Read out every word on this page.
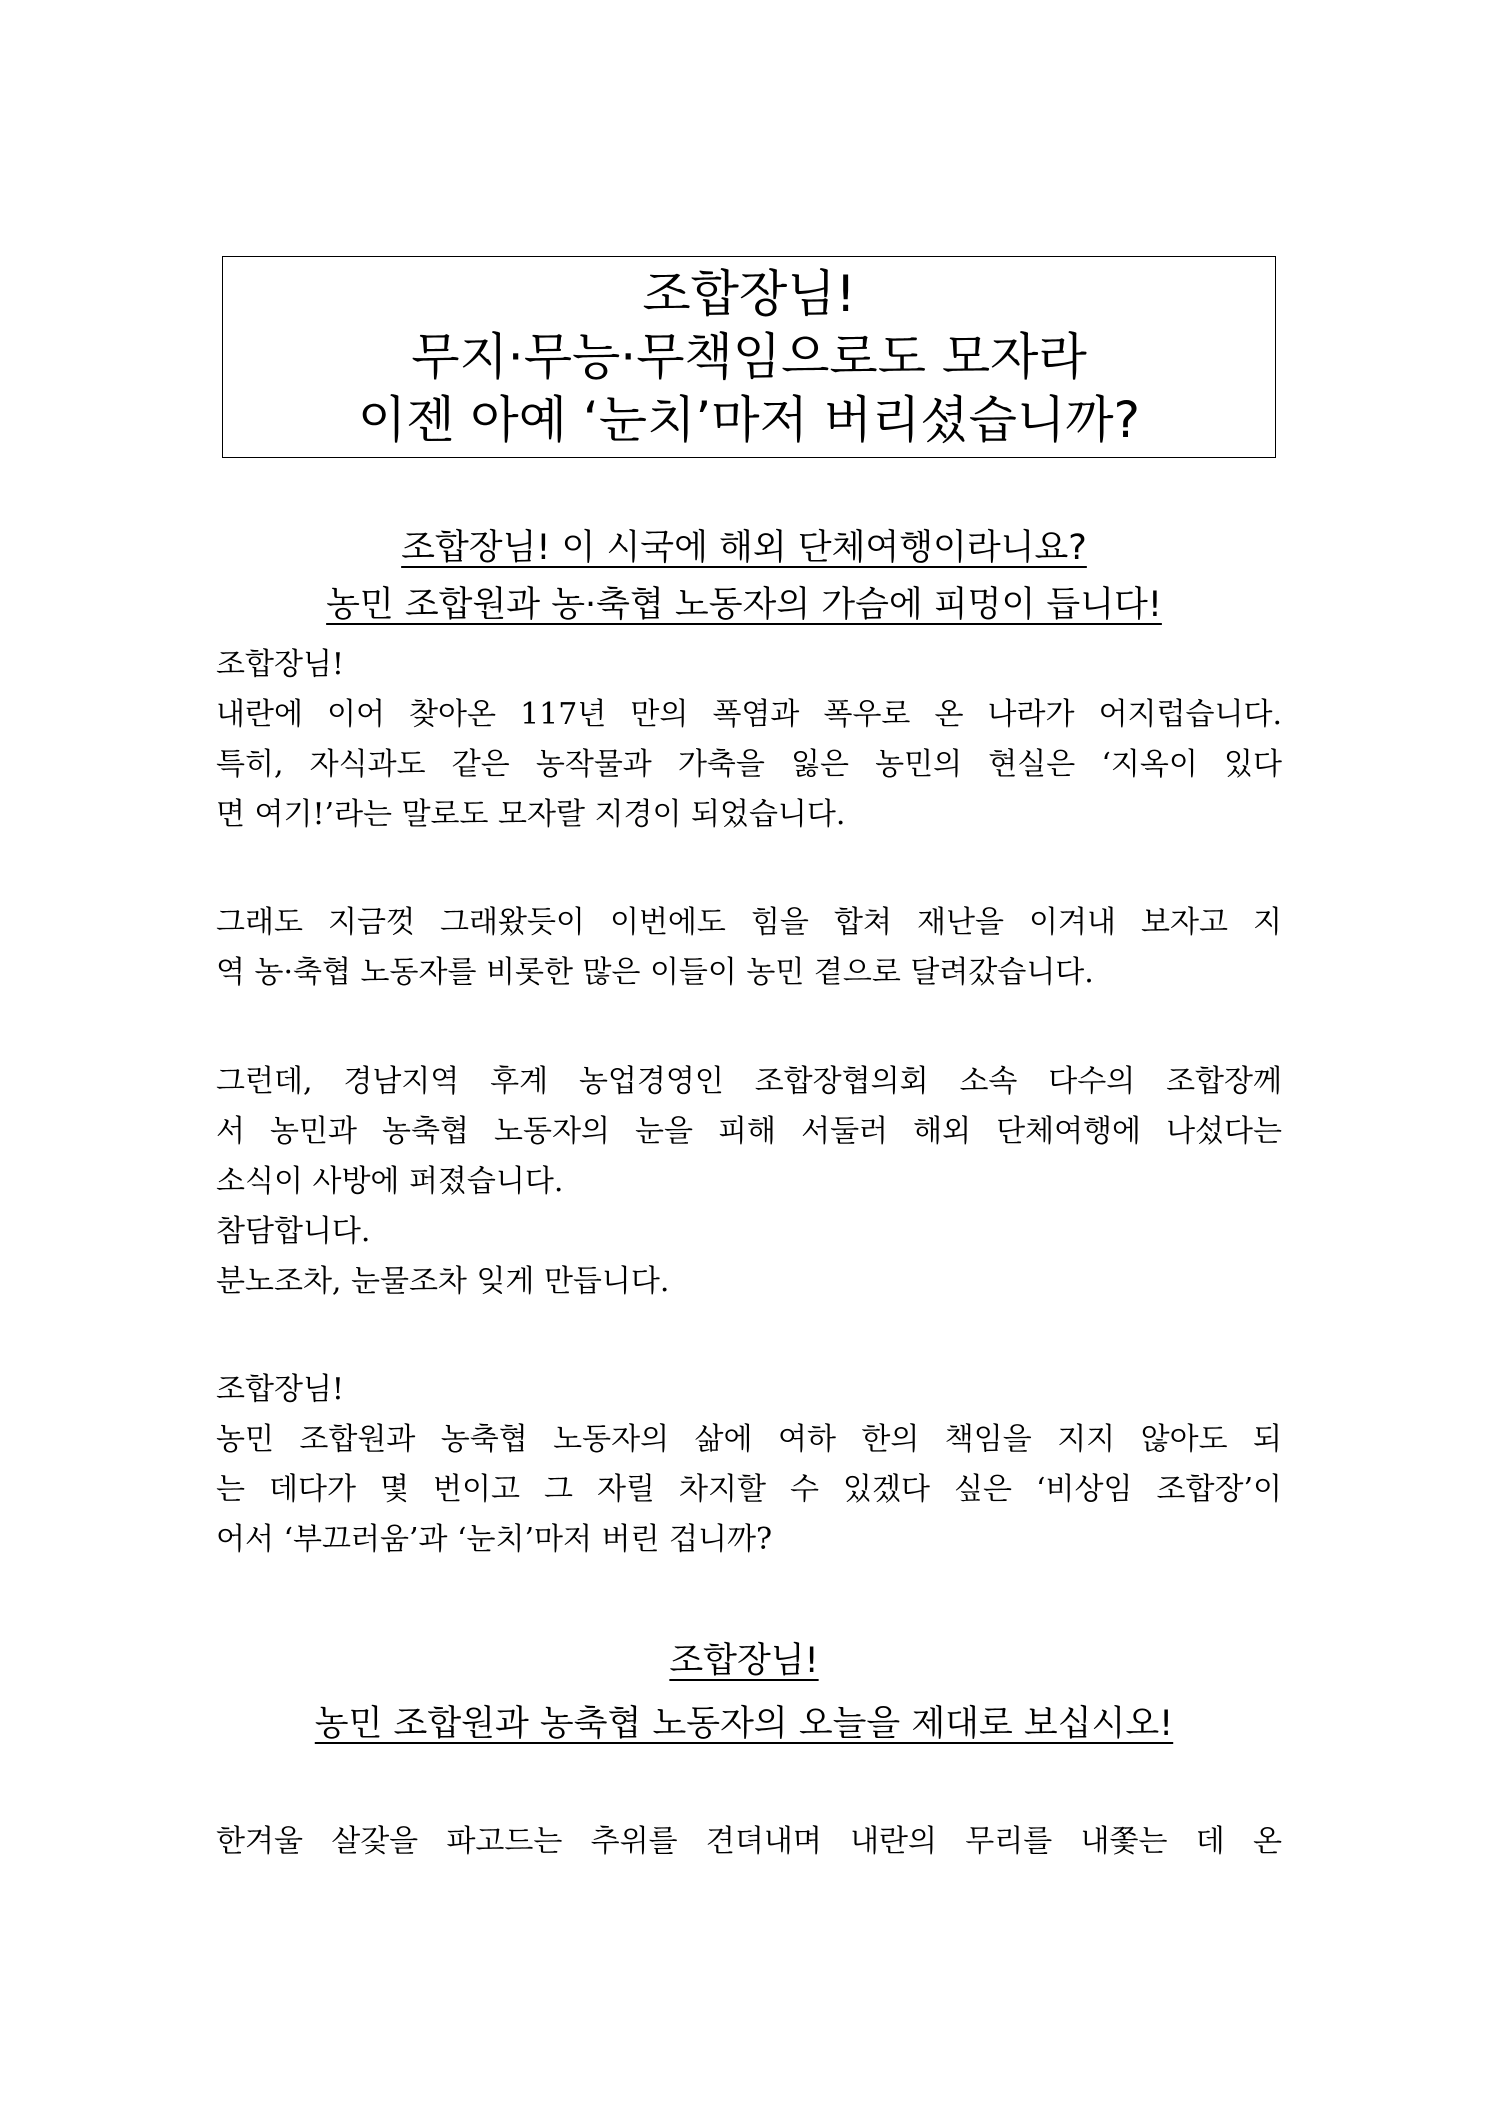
조합장님!
무지·무능·무책임으로도 모자라
이젠 아예 ‘눈치’마저 버리셨습니까?
조합장님! 이 시국에 해외 단체여행이라니요?
농민 조합원과 농·축협 노동자의 가슴에 피멍이 듭니다!
조합장님!
내란에 이어 찾아온 117년 만의 폭염과 폭우로 온 나라가 어지럽습니다.
특히, 자식과도 같은 농작물과 가축을 잃은 농민의 현실은 ‘지옥이 있다
면 여기!’라는 말로도 모자랄 지경이 되었습니다.
그래도 지금껏 그래왔듯이 이번에도 힘을 합쳐 재난을 이겨내 보자고 지
역 농·축협 노동자를 비롯한 많은 이들이 농민 곁으로 달려갔습니다.
그런데, 경남지역 후계 농업경영인 조합장협의회 소속 다수의 조합장께
서 농민과 농축협 노동자의 눈을 피해 서둘러 해외 단체여행에 나섰다는
소식이 사방에 퍼졌습니다.
참담합니다.
분노조차, 눈물조차 잊게 만듭니다.
조합장님!
농민 조합원과 농축협 노동자의 삶에 여하 한의 책임을 지지 않아도 되
는 데다가 몇 번이고 그 자릴 차지할 수 있겠다 싶은 ‘비상임 조합장’이
어서 ‘부끄러움’과 ‘눈치’마저 버린 겁니까?
조합장님!
농민 조합원과 농축협 노동자의 오늘을 제대로 보십시오!
한겨울 살갗을 파고드는 추위를 견뎌내며 내란의 무리를 내쫓는 데 온
